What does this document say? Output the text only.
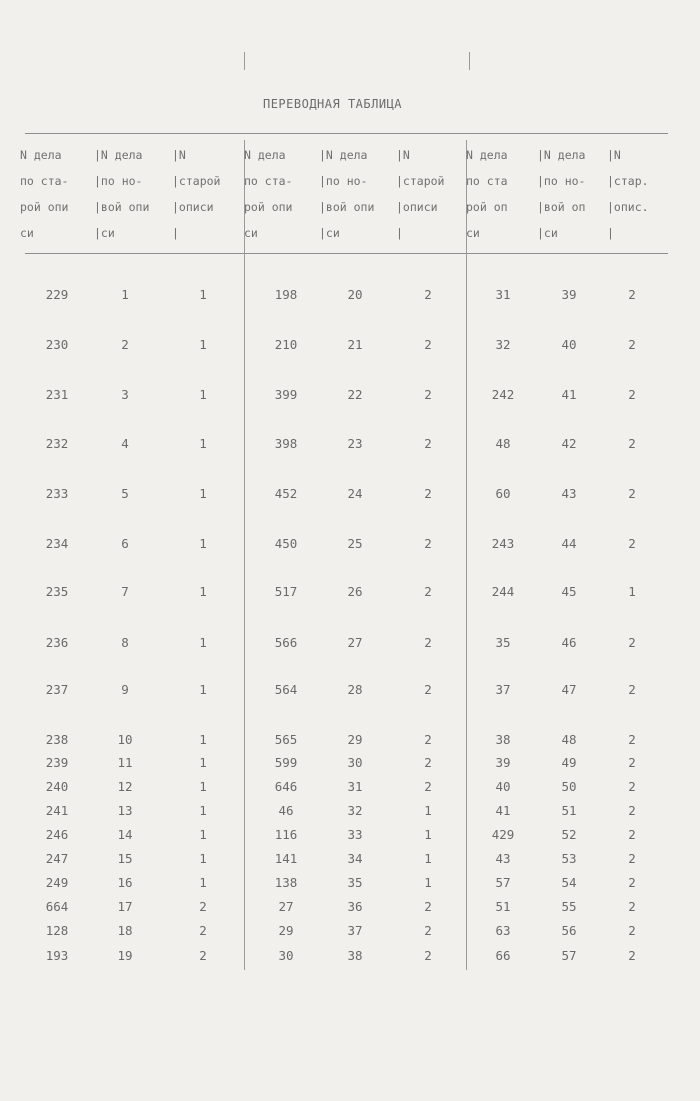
ПЕРЕВОДНАЯ ТАБЛИЦА
N дела
по ста-
рой опи
си
|N дела
|по но-
|вой опи
|си
|N
|старой
|описи
|
N дела
по ста-
рой опи
си
|N дела
|по но-
|вой опи
|си
|N
|старой
|описи
|
N дела
по ста
рой оп
си
|N дела
|по но-
|вой оп
|си
|N
|стар.
|опис.
|
229	1	1	198	20	2	31	39	2
230	2	1	210	21	2	32	40	2
231	3	1	399	22	2	242	41	2
232	4	1	398	23	2	48	42	2
233	5	1	452	24	2	60	43	2
234	6	1	450	25	2	243	44	2
235	7	1	517	26	2	244	45	1
236	8	1	566	27	2	35	46	2
237	9	1	564	28	2	37	47	2
238	10	1	565	29	2	38	48	2
239	11	1	599	30	2	39	49	2
240	12	1	646	31	2	40	50	2
241	13	1	46	32	1	41	51	2
246	14	1	116	33	1	429	52	2
247	15	1	141	34	1	43	53	2
249	16	1	138	35	1	57	54	2
664	17	2	27	36	2	51	55	2
128	18	2	29	37	2	63	56	2
193	19	2	30	38	2	66	57	2
